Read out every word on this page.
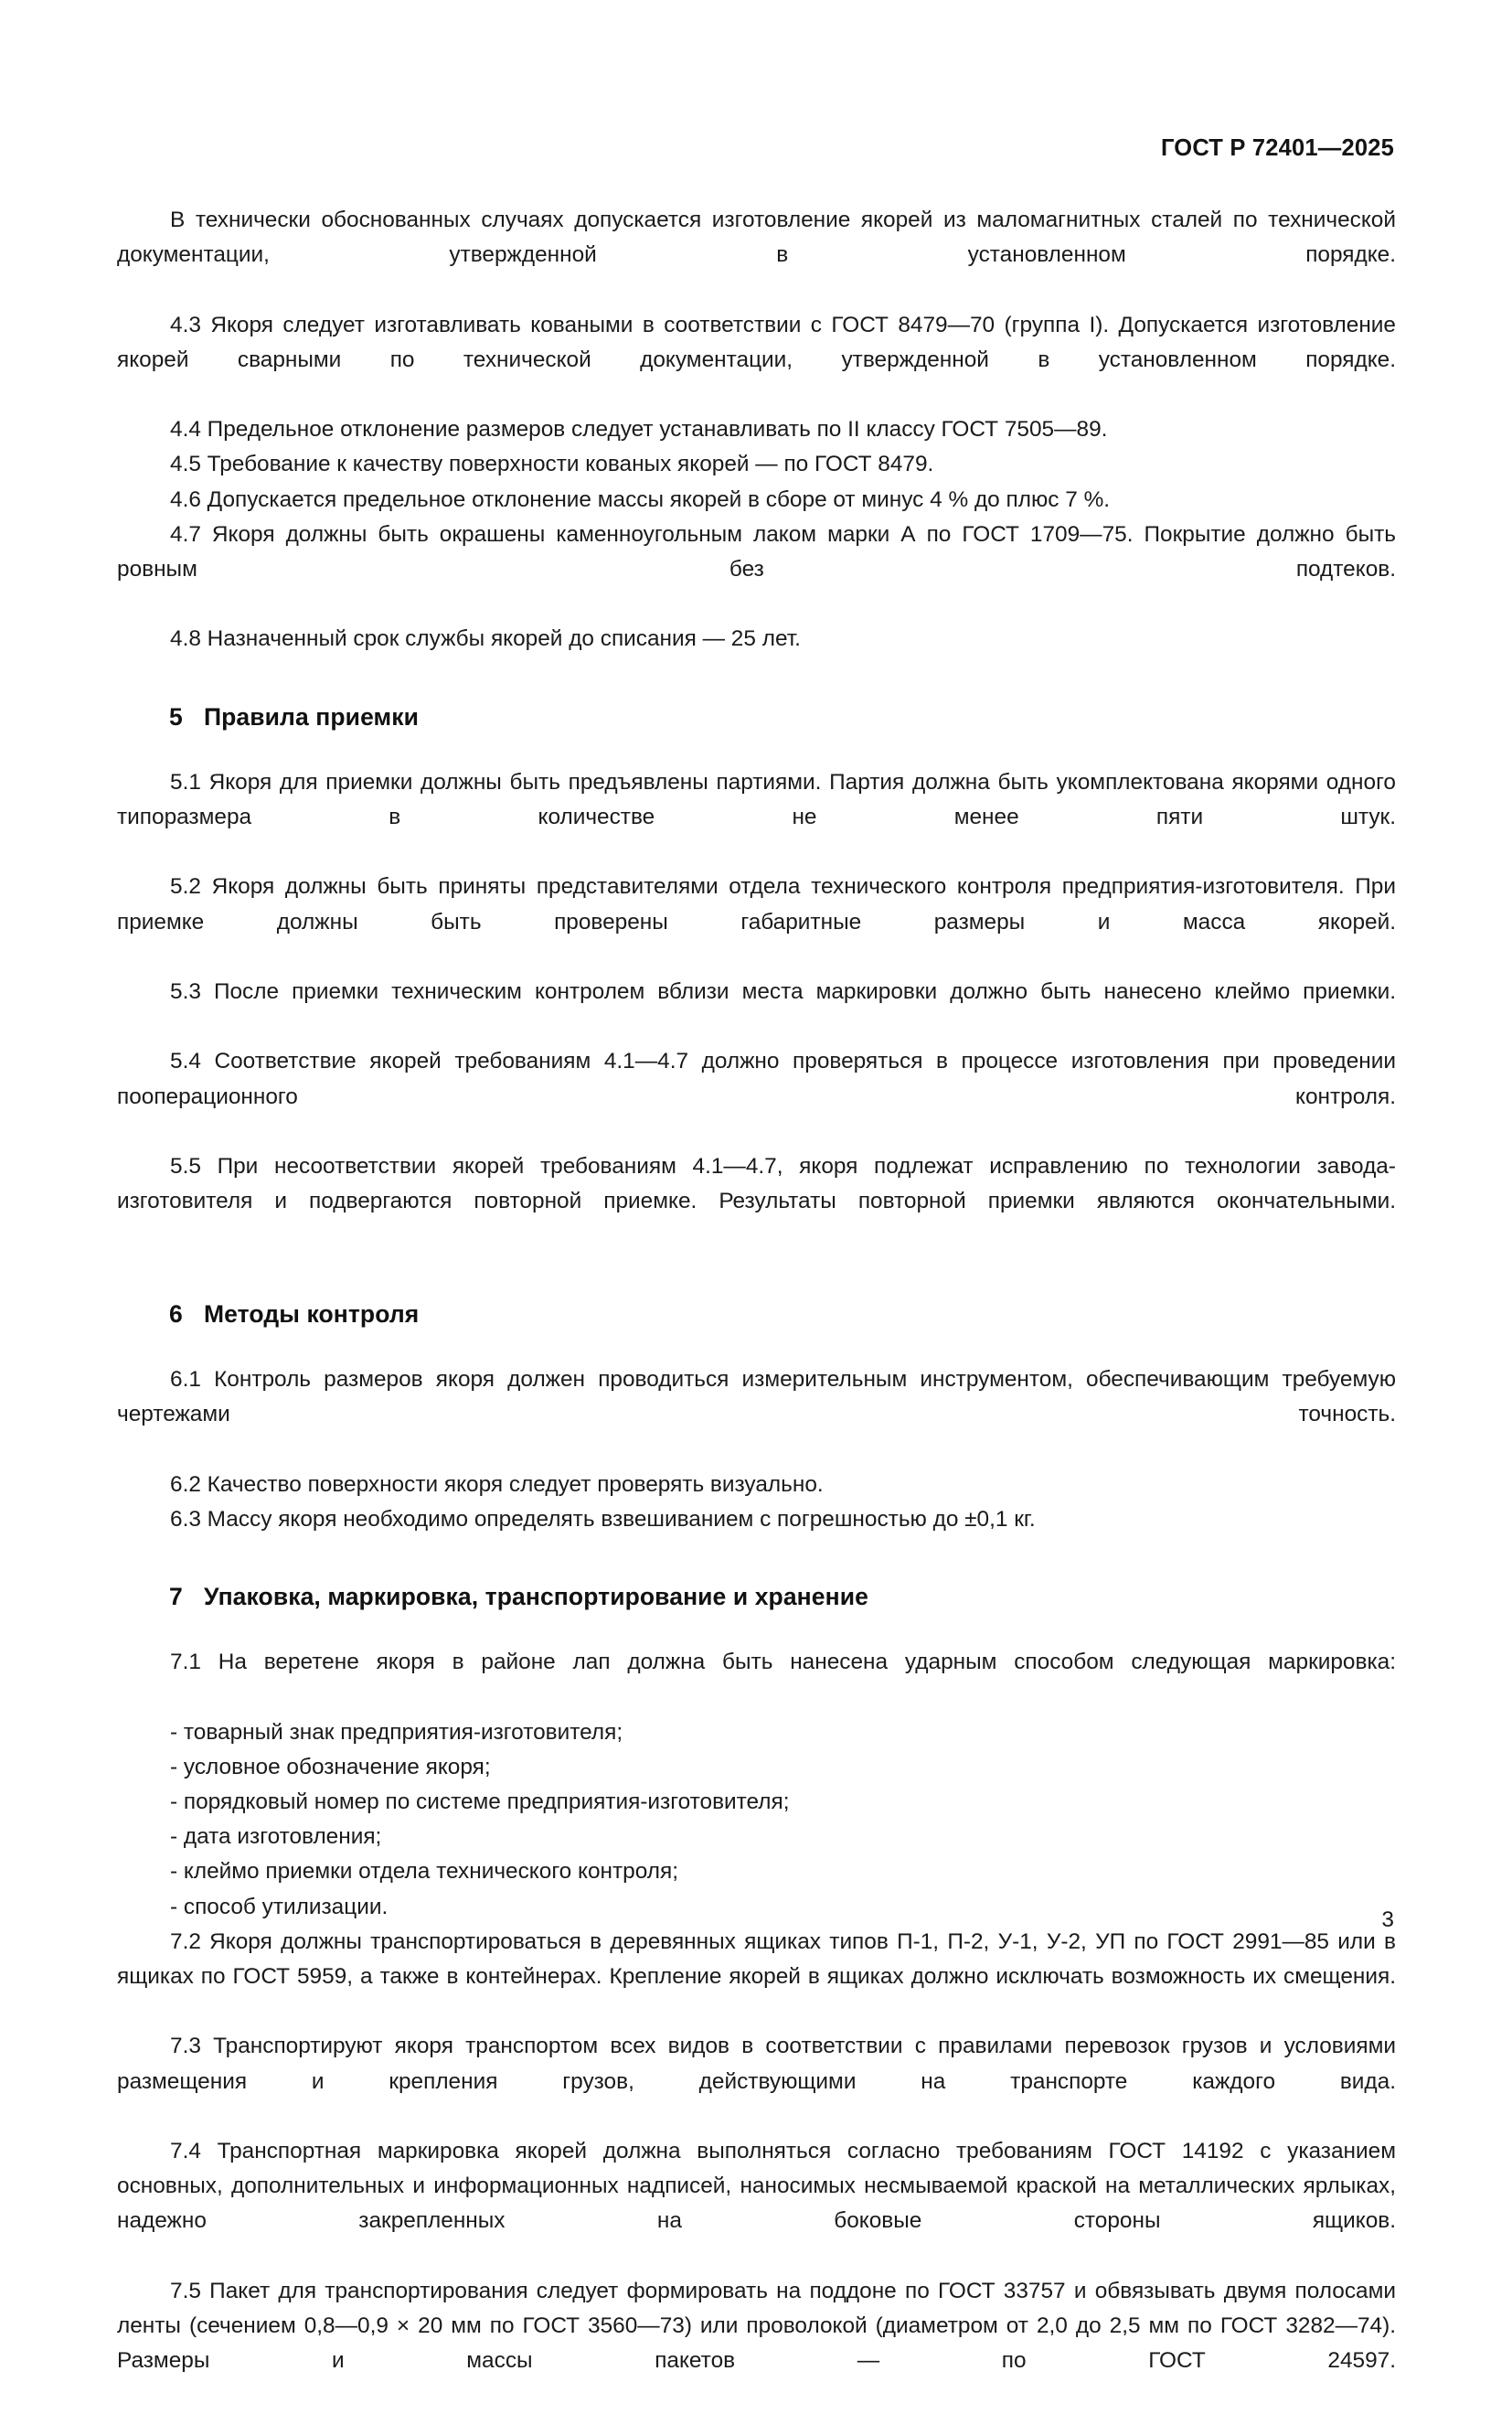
ГОСТ Р 72401—2025

В технически обоснованных случаях допускается изготовление якорей из маломагнитных сталей по технической документации, утвержденной в установленном порядке.

4.3 Якоря следует изготавливать коваными в соответствии с ГОСТ 8479—70 (группа I). Допускается изготовление якорей сварными по технической документации, утвержденной в установленном порядке.

4.4 Предельное отклонение размеров следует устанавливать по II классу ГОСТ 7505—89.

4.5 Требование к качеству поверхности кованых якорей — по ГОСТ 8479.

4.6 Допускается предельное отклонение массы якорей в сборе от минус 4 % до плюс 7 %.

4.7 Якоря должны быть окрашены каменноугольным лаком марки А по ГОСТ 1709—75. Покрытие должно быть ровным без подтеков.

4.8 Назначенный срок службы якорей до списания — 25 лет.

5 Правила приемки

5.1 Якоря для приемки должны быть предъявлены партиями. Партия должна быть укомплектована якорями одного типоразмера в количестве не менее пяти штук.

5.2 Якоря должны быть приняты представителями отдела технического контроля предприятия-изготовителя. При приемке должны быть проверены габаритные размеры и масса якорей.

5.3 После приемки техническим контролем вблизи места маркировки должно быть нанесено клеймо приемки.

5.4 Соответствие якорей требованиям 4.1—4.7 должно проверяться в процессе изготовления при проведении пооперационного контроля.

5.5 При несоответствии якорей требованиям 4.1—4.7, якоря подлежат исправлению по технологии завода-изготовителя и подвергаются повторной приемке. Результаты повторной приемки являются окончательными.

6 Методы контроля

6.1 Контроль размеров якоря должен проводиться измерительным инструментом, обеспечивающим требуемую чертежами точность.

6.2 Качество поверхности якоря следует проверять визуально.

6.3 Массу якоря необходимо определять взвешиванием с погрешностью до ±0,1 кг.

7 Упаковка, маркировка, транспортирование и хранение

7.1 На веретене якоря в районе лап должна быть нанесена ударным способом следующая маркировка:

- товарный знак предприятия-изготовителя;

- условное обозначение якоря;

- порядковый номер по системе предприятия-изготовителя;

- дата изготовления;

- клеймо приемки отдела технического контроля;

- способ утилизации.

7.2 Якоря должны транспортироваться в деревянных ящиках типов П-1, П-2, У-1, У-2, УП по ГОСТ 2991—85 или в ящиках по ГОСТ 5959, а также в контейнерах. Крепление якорей в ящиках должно исключать возможность их смещения.

7.3 Транспортируют якоря транспортом всех видов в соответствии с правилами перевозок грузов и условиями размещения и крепления грузов, действующими на транспорте каждого вида.

7.4 Транспортная маркировка якорей должна выполняться согласно требованиям ГОСТ 14192 с указанием основных, дополнительных и информационных надписей, наносимых несмываемой краской на металлических ярлыках, надежно закрепленных на боковые стороны ящиков.

7.5 Пакет для транспортирования следует формировать на поддоне по ГОСТ 33757 и обвязывать двумя полосами ленты (сечением 0,8—0,9 × 20 мм по ГОСТ 3560—73) или проволокой (диаметром от 2,0 до 2,5 мм по ГОСТ 3282—74). Размеры и массы пакетов — по ГОСТ 24597.

3
